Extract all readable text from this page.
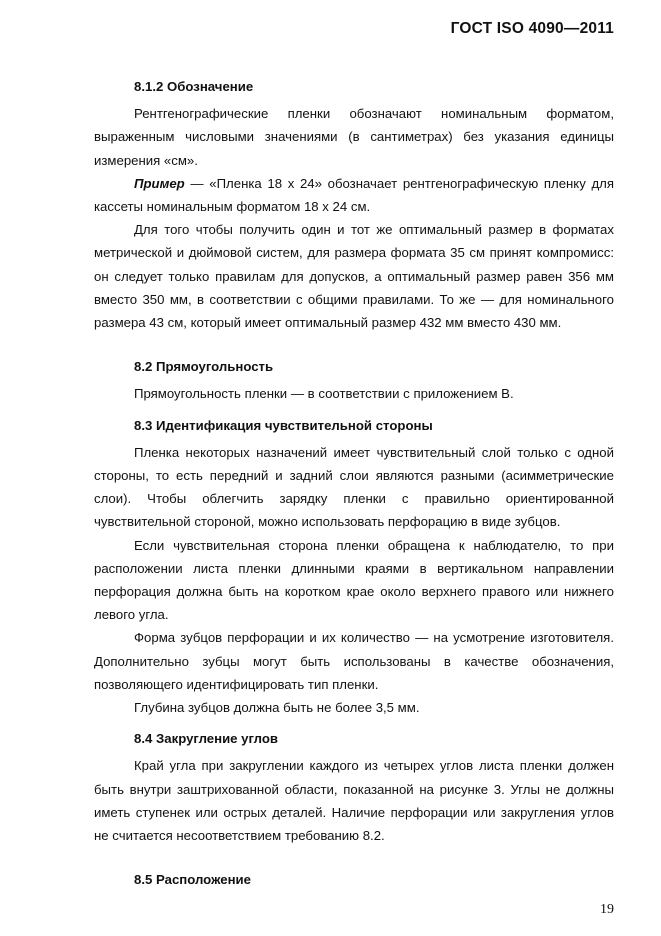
ГОСТ ISO 4090—2011
8.1.2 Обозначение

Рентгенографические пленки обозначают номинальным форматом, выраженным числовыми значениями (в сантиметрах) без указания единицы измерения «см».

Пример — «Пленка 18 х 24» обозначает рентгенографическую пленку для кассеты номинальным форматом 18 х 24 см.

Для того чтобы получить один и тот же оптимальный размер в форматах метрической и дюймовой систем, для размера формата 35 см принят компромисс: он следует только правилам для допусков, а оптимальный размер равен 356 мм вместо 350 мм, в соответствии с общими правилами. То же — для номинального размера 43 см, который имеет оптимальный размер 432 мм вместо 430 мм.

8.2 Прямоугольность

Прямоугольность пленки — в соответствии с приложением В.

8.3 Идентификация чувствительной стороны

Пленка некоторых назначений имеет чувствительный слой только с одной стороны, то есть передний и задний слои являются разными (асимметрические слои). Чтобы облегчить зарядку пленки с правильно ориентированной чувствительной стороной, можно использовать перфорацию в виде зубцов.

Если чувствительная сторона пленки обращена к наблюдателю, то при расположении листа пленки длинными краями в вертикальном направлении перфорация должна быть на коротком крае около верхнего правого или нижнего левого угла.

Форма зубцов перфорации и их количество — на усмотрение изготовителя. Дополнительно зубцы могут быть использованы в качестве обозначения, позволяющего идентифицировать тип пленки.

Глубина зубцов должна быть не более 3,5 мм.

8.4 Закругление углов

Край угла при закруглении каждого из четырех углов листа пленки должен быть внутри заштрихованной области, показанной на рисунке 3. Углы не должны иметь ступенек или острых деталей. Наличие перфорации или закругления углов не считается несоответствием требованию 8.2.

8.5 Расположение
19
